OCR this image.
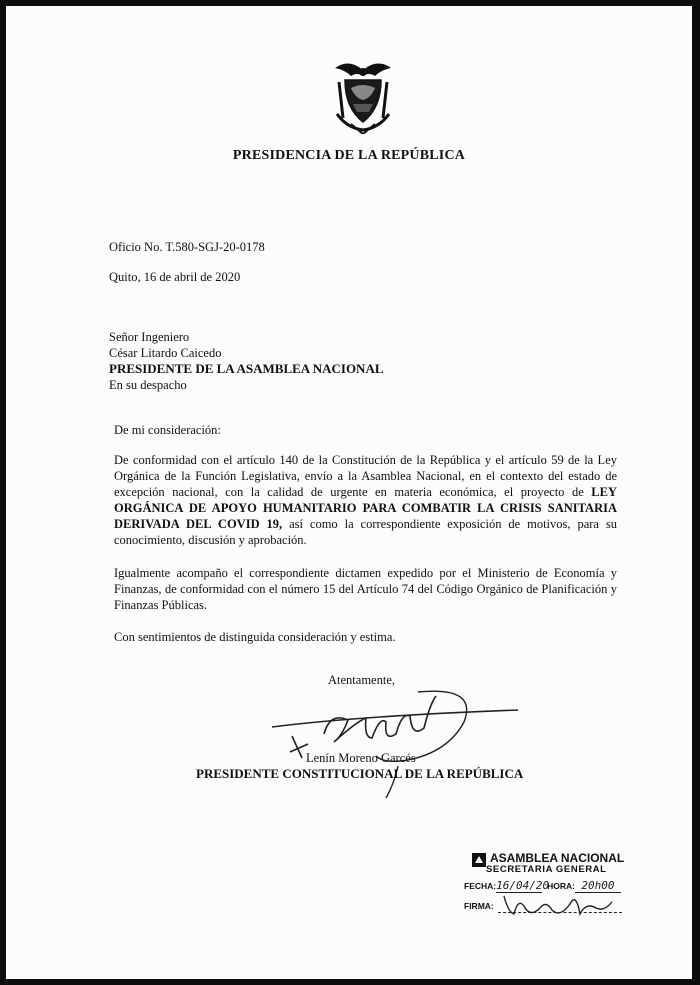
PRESIDENCIA DE LA REPÚBLICA
Oficio No. T.580-SGJ-20-0178
Quito, 16 de abril de 2020
Señor Ingeniero
César Litardo Caicedo
PRESIDENTE DE LA ASAMBLEA NACIONAL
En su despacho
De mi consideración:
De conformidad con el artículo 140 de la Constitución de la República y el artículo 59 de la Ley Orgánica de la Función Legislativa, envío a la Asamblea Nacional, en el contexto del estado de excepción nacional, con la calidad de urgente en materia económica, el proyecto de LEY ORGÁNICA DE APOYO HUMANITARIO PARA COMBATIR LA CRISIS SANITARIA DERIVADA DEL COVID 19, así como la correspondiente exposición de motivos, para su conocimiento, discusión y aprobación.
Igualmente acompaño el correspondiente dictamen expedido por el Ministerio de Economía y Finanzas, de conformidad con el número 15 del Artículo 74 del Código Orgánico de Planificación y Finanzas Públicas.
Con sentimientos de distinguida consideración y estima.
Atentamente,
Lenín Moreno Garcés
PRESIDENTE CONSTITUCIONAL DE LA REPÚBLICA
ASAMBLEA NACIONAL
SECRETARIA GENERAL
FECHA: 16/04/20
HORA: 20h00
FIRMA:
